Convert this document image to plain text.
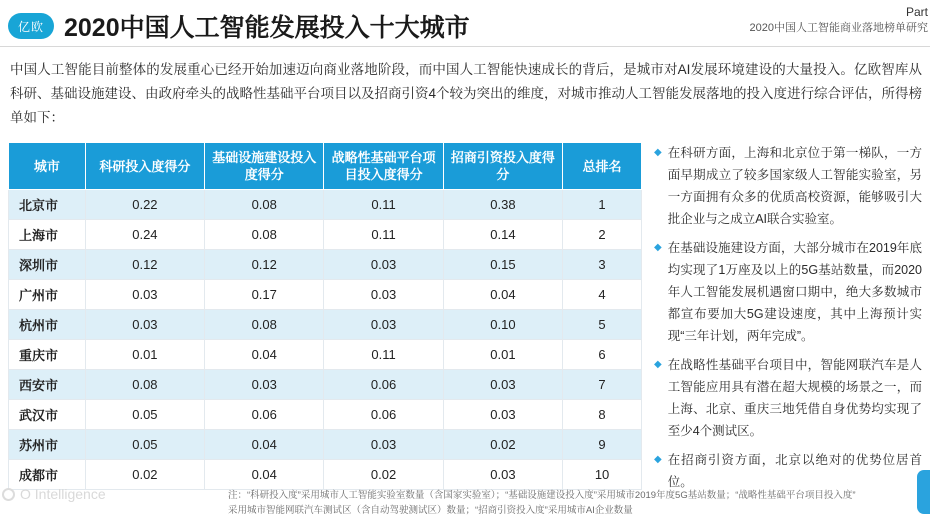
亿欧 2020中国人工智能发展投入十大城市
Part
2020中国人工智能商业落地榜单研究
中国人工智能目前整体的发展重心已经开始加速迈向商业落地阶段，而中国人工智能快速成长的背后，是城市对AI发展环境建设的大量投入。亿欧智库从科研、基础设施建设、由政府牵头的战略性基础平台项目以及招商引资4个较为突出的维度，对城市推动人工智能发展落地的投入度进行综合评估，所得榜单如下：
城市	科研投入度得分	基础设施建设投入度得分	战略性基础平台项目投入度得分	招商引资投入度得分	总排名
北京市	0.22	0.08	0.11	0.38	1
上海市	0.24	0.08	0.11	0.14	2
深圳市	0.12	0.12	0.03	0.15	3
广州市	0.03	0.17	0.03	0.04	4
杭州市	0.03	0.08	0.03	0.10	5
重庆市	0.01	0.04	0.11	0.01	6
西安市	0.08	0.03	0.06	0.03	7
武汉市	0.05	0.06	0.06	0.03	8
苏州市	0.05	0.04	0.03	0.02	9
成都市	0.02	0.04	0.02	0.03	10
◆ 在科研方面，上海和北京位于第一梯队，一方面早期成立了较多国家级人工智能实验室，另一方面拥有众多的优质高校资源，能够吸引大批企业与之成立AI联合实验室。
◆ 在基础设施建设方面，大部分城市在2019年底均实现了1万座及以上的5G基站数量，而2020年人工智能发展机遇窗口期中，绝大多数城市都宣布要加大5G建设速度，其中上海预计实现“三年计划，两年完成”。
◆ 在战略性基础平台项目中，智能网联汽车是人工智能应用具有潜在超大规模的场景之一，而上海、北京、重庆三地凭借自身优势均实现了至少4个测试区。
◆ 在招商引资方面，北京以绝对的优势位居首位。
注：“科研投入度”采用城市人工智能实验室数量（含国家实验室）；“基础设施建设投入度”采用城市2019年度5G基站数量；“战略性基础平台项目投入度”
采用城市智能网联汽车测试区（含自动驾驶测试区）数量；“招商引资投入度”采用城市AI企业数量
O Intelligence
